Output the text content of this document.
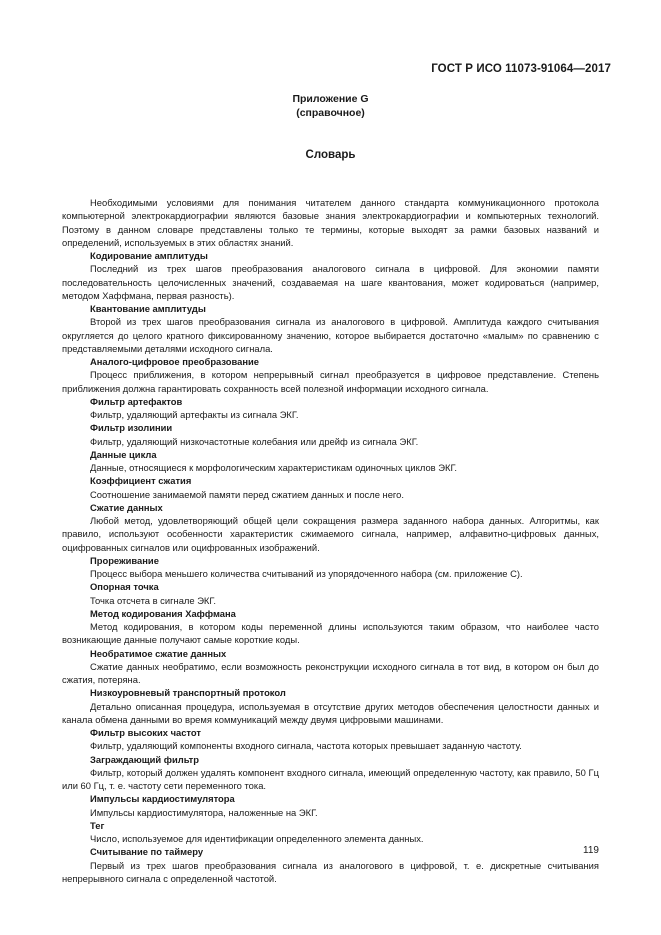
ГОСТ Р ИСО 11073-91064—2017
Приложение G
(справочное)
Словарь

Необходимыми условиями для понимания читателем данного стандарта коммуникационного протокола компьютерной электрокардиографии являются базовые знания электрокардиографии и компьютерных технологий. Поэтому в данном словаре представлены только те термины, которые выходят за рамки базовых названий и определений, используемых в этих областях знаний.

Кодирование амплитуды

Последний из трех шагов преобразования аналогового сигнала в цифровой. Для экономии памяти последовательность целочисленных значений, создаваемая на шаге квантования, может кодироваться (например, методом Хаффмана, первая разность).

Квантование амплитуды

Второй из трех шагов преобразования сигнала из аналогового в цифровой. Амплитуда каждого считывания округляется до целого кратного фиксированному значению, которое выбирается достаточно «малым» по сравнению с представляемыми деталями исходного сигнала.

Аналого-цифровое преобразование

Процесс приближения, в котором непрерывный сигнал преобразуется в цифровое представление. Степень приближения должна гарантировать сохранность всей полезной информации исходного сигнала.

Фильтр артефактов

Фильтр, удаляющий артефакты из сигнала ЭКГ.

Фильтр изолинии

Фильтр, удаляющий низкочастотные колебания или дрейф из сигнала ЭКГ.

Данные цикла

Данные, относящиеся к морфологическим характеристикам одиночных циклов ЭКГ.

Коэффициент сжатия

Соотношение занимаемой памяти перед сжатием данных и после него.

Сжатие данных

Любой метод, удовлетворяющий общей цели сокращения размера заданного набора данных. Алгоритмы, как правило, используют особенности характеристик сжимаемого сигнала, например, алфавитно-цифровых данных, оцифрованных сигналов или оцифрованных изображений.

Прореживание

Процесс выбора меньшего количества считываний из упорядоченного набора (см. приложение C).

Опорная точка

Точка отсчета в сигнале ЭКГ.

Метод кодирования Хаффмана

Метод кодирования, в котором коды переменной длины используются таким образом, что наиболее часто возникающие данные получают самые короткие коды.

Необратимое сжатие данных

Сжатие данных необратимо, если возможность реконструкции исходного сигнала в тот вид, в котором он был до сжатия, потеряна.

Низкоуровневый транспортный протокол

Детально описанная процедура, используемая в отсутствие других методов обеспечения целостности данных и канала обмена данными во время коммуникаций между двумя цифровыми машинами.

Фильтр высоких частот

Фильтр, удаляющий компоненты входного сигнала, частота которых превышает заданную частоту.

Заграждающий фильтр

Фильтр, который должен удалять компонент входного сигнала, имеющий определенную частоту, как правило, 50 Гц или 60 Гц, т. е. частоту сети переменного тока.

Импульсы кардиостимулятора

Импульсы кардиостимулятора, наложенные на ЭКГ.

Тег

Число, используемое для идентификации определенного элемента данных.

Считывание по таймеру

Первый из трех шагов преобразования сигнала из аналогового в цифровой, т. е. дискретные считывания непрерывного сигнала с определенной частотой.

119
